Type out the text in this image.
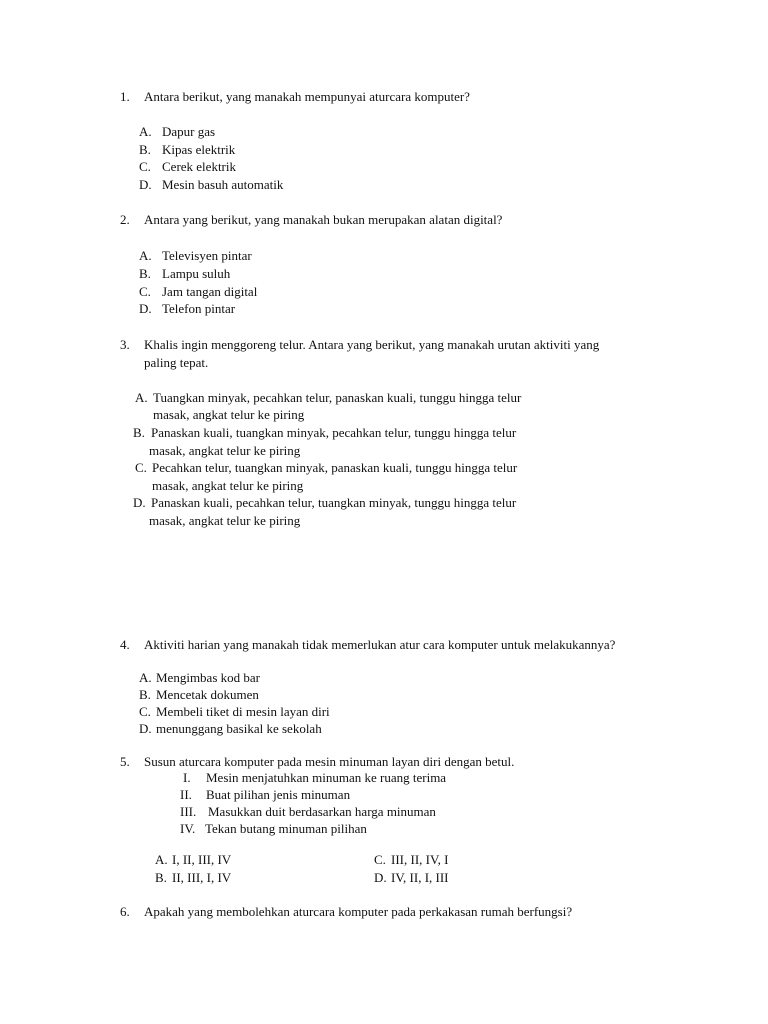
1. Antara berikut, yang manakah mempunyai aturcara komputer?
A. Dapur gas
B. Kipas elektrik
C. Cerek elektrik
D. Mesin basuh automatik
2. Antara yang berikut, yang manakah bukan merupakan alatan digital?
A. Televisyen pintar
B. Lampu suluh
C. Jam tangan digital
D. Telefon pintar
3. Khalis ingin menggoreng telur. Antara yang berikut, yang manakah urutan aktiviti yang
paling tepat.
A. Tuangkan minyak, pecahkan telur, panaskan kuali, tunggu hingga telur
masak, angkat telur ke piring
B. Panaskan kuali, tuangkan minyak, pecahkan telur, tunggu hingga telur
masak, angkat telur ke piring
C. Pecahkan telur, tuangkan minyak, panaskan kuali, tunggu hingga telur
masak, angkat telur ke piring
D. Panaskan kuali, pecahkan telur, tuangkan minyak, tunggu hingga telur
masak, angkat telur ke piring
4. Aktiviti harian yang manakah tidak memerlukan atur cara komputer untuk melakukannya?
A. Mengimbas kod bar
B. Mencetak dokumen
C. Membeli tiket di mesin layan diri
D. menunggang basikal ke sekolah
5. Susun aturcara komputer pada mesin minuman layan diri dengan betul.
I. Mesin menjatuhkan minuman ke ruang terima
II. Buat pilihan jenis minuman
III. Masukkan duit berdasarkan harga minuman
IV. Tekan butang minuman pilihan
A. I, II, III, IV
B. II, III, I, IV
C. III, II, IV, I
D. IV, II, I, III
6. Apakah yang membolehkan aturcara komputer pada perkakasan rumah berfungsi?
